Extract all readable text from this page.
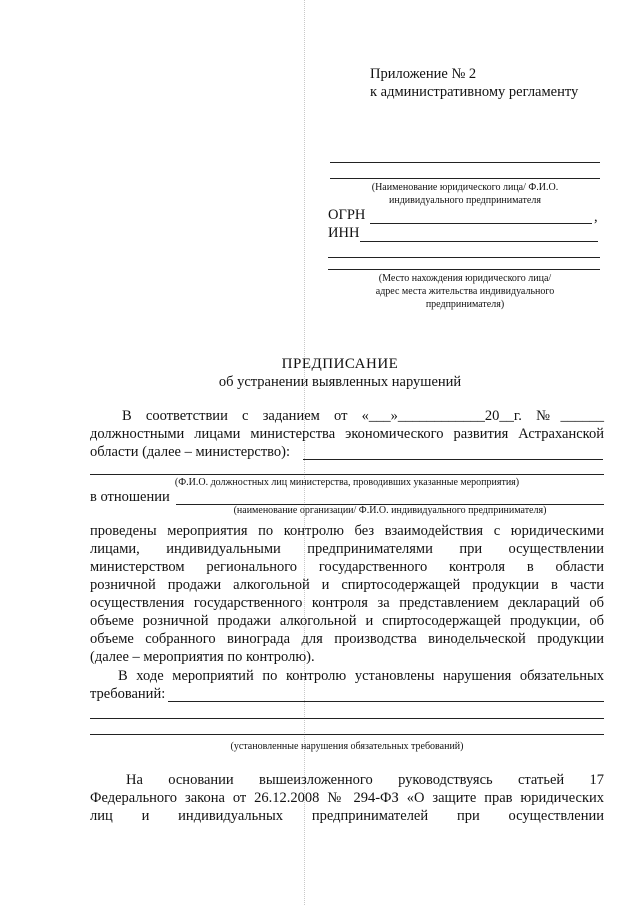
Приложение № 2
к административному регламенту
(Наименование юридического лица/ Ф.И.О.
индивидуального предпринимателя
ОГРН	,
ИНН
(Место нахождения юридического лица/
адрес места жительства индивидуального
предпринимателя)
ПРЕДПИСАНИЕ
об устранении выявленных нарушений
В соответствии с заданием от «___»____________20__г. №______
должностными лицами министерства экономического развития Астраханской
области (далее – министерство):
(Ф.И.О. должностных лиц министерства, проводивших указанные мероприятия)
в отношении
(наименование организации/ Ф.И.О. индивидуального предпринимателя)
проведены мероприятия по контролю без взаимодействия с юридическими
лицами, индивидуальными предпринимателями при осуществлении
министерством регионального государственного контроля в области
розничной продажи алкогольной и спиртосодержащей продукции в части
осуществления государственного контроля за представлением деклараций об
объеме розничной продажи алкогольной и спиртосодержащей продукции, об
объеме собранного винограда для производства винодельческой продукции
(далее – мероприятия по контролю).
В ходе мероприятий по контролю установлены нарушения обязательных
требований:
(установленные нарушения обязательных требований)
На основании вышеизложенного руководствуясь статьей 17
Федерального закона от 26.12.2008 № 294-ФЗ «О защите прав юридических
лиц и индивидуальных предпринимателей при осуществлении
